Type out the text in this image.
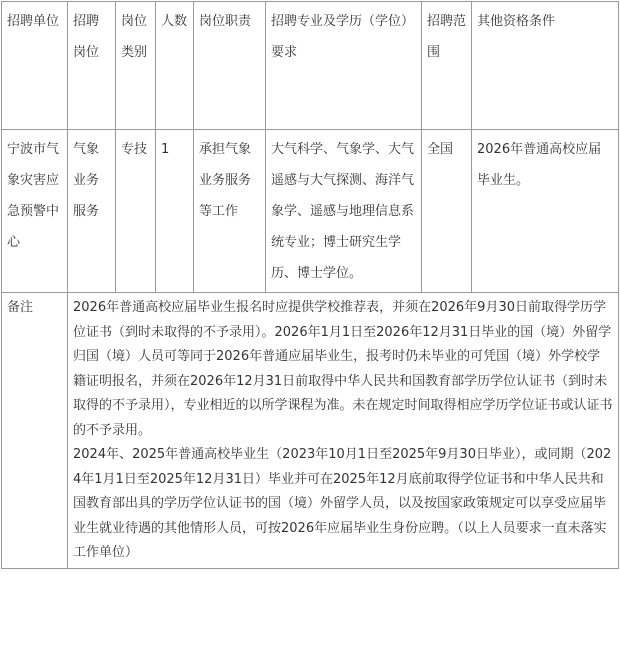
招聘单位	招聘岗位	岗位类别	人数	岗位职责	招聘专业及学历（学位）要求	招聘范围	其他资格条件
宁波市气象灾害应急预警中心	气象业务服务	专技	1	承担气象业务服务等工作	大气科学、气象学、大气遥感与大气探测、海洋气象学、遥感与地理信息系统专业；博士研究生学历、博士学位。	全国	2026年普通高校应届毕业生。
备注	2026年普通高校应届毕业生报名时应提供学校推荐表，并须在2026年9月30日前取得学历学位证书（到时未取得的不予录用）。2026年1月1日至2026年12月31日毕业的国（境）外留学归国（境）人员可等同于2026年普通应届毕业生，报考时仍未毕业的可凭国（境）外学校学籍证明报名，并须在2026年12月31日前取得中华人民共和国教育部学历学位认证书（到时未取得的不予录用），专业相近的以所学课程为准。未在规定时间取得相应学历学位证书或认证书的不予录用。
2024年、2025年普通高校毕业生（2023年10月1日至2025年9月30日毕业），或同期（2024年1月1日至2025年12月31日）毕业并可在2025年12月底前取得学位证书和中华人民共和国教育部出具的学历学位认证书的国（境）外留学人员，以及按国家政策规定可以享受应届毕业生就业待遇的其他情形人员，可按2026年应届毕业生身份应聘。（以上人员要求一直未落实工作单位）						
